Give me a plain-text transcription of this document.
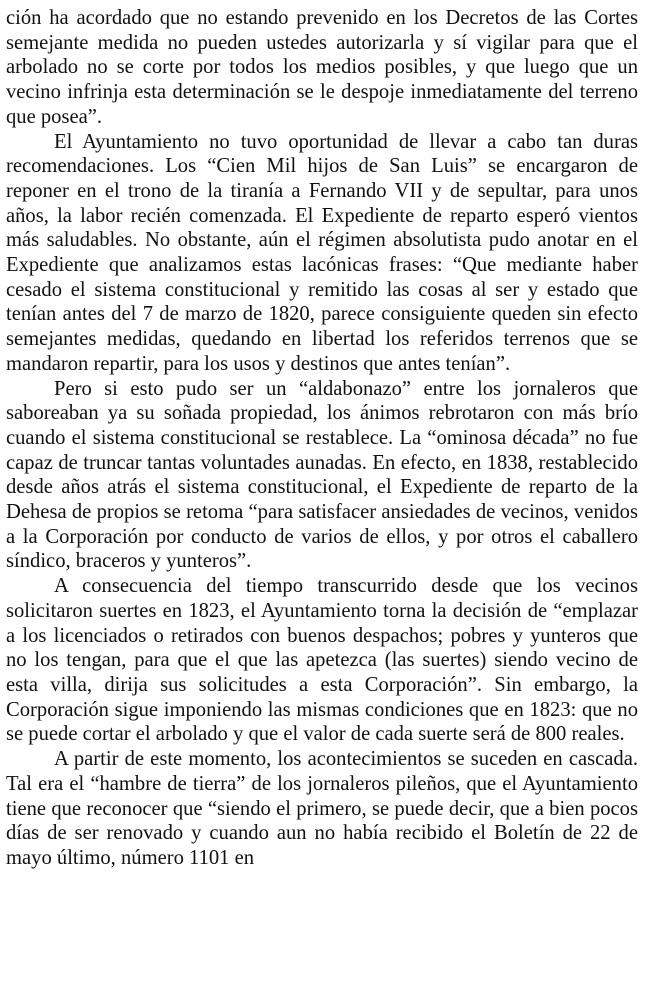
ción ha acordado que no estando prevenido en los Decretos de las Cortes semejante medida no pueden ustedes autorizarla y sí vigilar para que el arbolado no se corte por todos los medios posibles, y que luego que un vecino infrinja esta determinación se le despoje inmediatamente del terreno que posea”.

El Ayuntamiento no tuvo oportunidad de llevar a cabo tan duras recomendaciones. Los “Cien Mil hijos de San Luis” se encargaron de reponer en el trono de la tiranía a Fernando VII y de sepultar, para unos años, la labor recién comenzada. El Expediente de reparto esperó vientos más saludables. No obstante, aún el régimen absolutista pudo anotar en el Expediente que analizamos estas lacónicas frases: “Que mediante haber cesado el sistema constitucional y remitido las cosas al ser y estado que tenían antes del 7 de marzo de 1820, parece consiguiente queden sin efecto semejantes medidas, quedando en libertad los referidos terrenos que se mandaron repartir, para los usos y destinos que antes tenían”.

Pero si esto pudo ser un “aldabonazo” entre los jornaleros que saboreaban ya su soñada propiedad, los ánimos rebrotaron con más brío cuando el sistema constitucional se restablece. La “ominosa década” no fue capaz de truncar tantas voluntades aunadas. En efecto, en 1838, restablecido desde años atrás el sistema constitucional, el Expediente de reparto de la Dehesa de propios se retoma “para satisfacer ansiedades de vecinos, venidos a la Corporación por conducto de varios de ellos, y por otros el caballero síndico, braceros y yunteros”.

A consecuencia del tiempo transcurrido desde que los vecinos solicitaron suertes en 1823, el Ayuntamiento torna la decisión de “emplazar a los licenciados o retirados con buenos despachos; pobres y yunteros que no los tengan, para que el que las apetezca (las suertes) siendo vecino de esta villa, dirija sus solicitudes a esta Corporación”. Sin embargo, la Corporación sigue imponiendo las mismas condiciones que en 1823: que no se puede cortar el arbolado y que el valor de cada suerte será de 800 reales.

A partir de este momento, los acontecimientos se suceden en cascada. Tal era el “hambre de tierra” de los jornaleros pileños, que el Ayuntamiento tiene que reconocer que “siendo el primero, se puede decir, que a bien pocos días de ser renovado y cuando aun no había recibido el Boletín de 22 de mayo último, número 1101 en
